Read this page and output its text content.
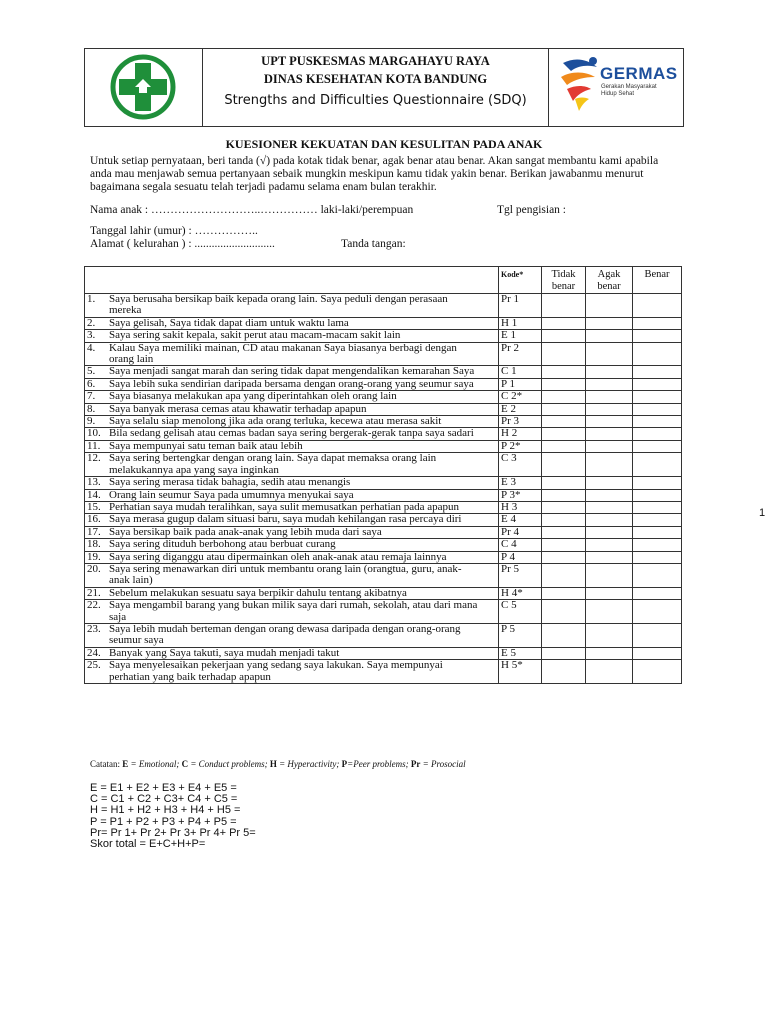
UPT PUSKESMAS MARGAHAYU RAYA
DINAS KESEHATAN KOTA BANDUNG
Strengths and Difficulties Questionnaire (SDQ)
GERMAS
Gerakan Masyarakat
Hidup Sehat
KUESIONER KEKUATAN DAN KESULITAN PADA ANAK
Untuk setiap pernyataan, beri tanda (√) pada kotak tidak benar, agak benar atau benar. Akan sangat membantu kami apabila anda mau menjawab semua pertanyaan sebaik mungkin meskipun kamu tidak yakin benar. Berikan jawabanmu menurut bagaimana segala sesuatu telah terjadi padamu selama enam bulan terakhir.
Nama anak : ………………………..…………… laki-laki/perempuan	Tgl pengisian :
Tanggal lahir (umur) : ……………..
Alamat ( kelurahan ) : ............................	Tanda tangan:
	Kode*	Tidak benar	Agak benar	Benar
1. Saya berusaha bersikap baik kepada orang lain. Saya peduli dengan perasaan mereka	Pr 1			
2. Saya gelisah, Saya tidak dapat diam untuk waktu lama	H 1			
3. Saya sering sakit kepala, sakit perut atau macam-macam sakit lain	E 1			
4. Kalau Saya memiliki mainan, CD atau makanan Saya biasanya berbagi dengan orang lain	Pr 2			
5. Saya menjadi sangat marah dan sering tidak dapat mengendalikan kemarahan Saya	C 1			
6. Saya lebih suka sendirian daripada bersama dengan orang-orang yang seumur saya	P 1			
7. Saya biasanya melakukan apa yang diperintahkan oleh orang lain	C 2*			
8. Saya banyak merasa cemas atau khawatir terhadap apapun	E 2			
9. Saya selalu siap menolong jika ada orang terluka, kecewa atau merasa sakit	Pr 3			
10. Bila sedang gelisah atau cemas badan saya sering bergerak-gerak tanpa saya sadari	H 2			
11. Saya mempunyai satu teman baik atau lebih	P 2*			
12. Saya sering bertengkar dengan orang lain. Saya dapat memaksa orang lain melakukannya apa yang saya inginkan	C 3			
13. Saya sering merasa tidak bahagia, sedih atau menangis	E 3			
14. Orang lain seumur Saya pada umumnya menyukai saya	P 3*			
15. Perhatian saya mudah teralihkan, saya sulit memusatkan perhatian pada apapun	H 3			
16. Saya merasa gugup dalam situasi baru, saya mudah kehilangan rasa percaya diri	E 4			
17. Saya bersikap baik pada anak-anak yang lebih muda dari saya	Pr 4			
18. Saya sering dituduh berbohong atau berbuat curang	C 4			
19. Saya sering diganggu atau dipermainkan oleh anak-anak atau remaja lainnya	P 4			
20. Saya sering menawarkan diri untuk membantu orang lain (orangtua, guru, anak-anak lain)	Pr 5			
21. Sebelum melakukan sesuatu saya berpikir dahulu tentang akibatnya	H 4*			
22. Saya mengambil barang yang bukan milik saya dari rumah, sekolah, atau dari mana saja	C 5			
23. Saya lebih mudah berteman dengan orang dewasa daripada dengan orang-orang seumur saya	P 5			
24. Banyak yang Saya takuti, saya mudah menjadi takut	E 5			
25. Saya menyelesaikan pekerjaan yang sedang saya lakukan. Saya mempunyai perhatian yang baik terhadap apapun	H 5*			
Catatan: E = Emotional; C = Conduct problems; H = Hyperactivity; P=Peer problems; Pr = Prosocial
E = E1 + E2 + E3 + E4 + E5 =
C = C1 + C2 + C3+ C4 + C5 =
H = H1 + H2 + H3 + H4 + H5 =
P = P1 + P2 + P3 + P4 + P5 =
Pr= Pr 1+ Pr 2+ Pr 3+ Pr 4+ Pr 5=
Skor total = E+C+H+P=
1
